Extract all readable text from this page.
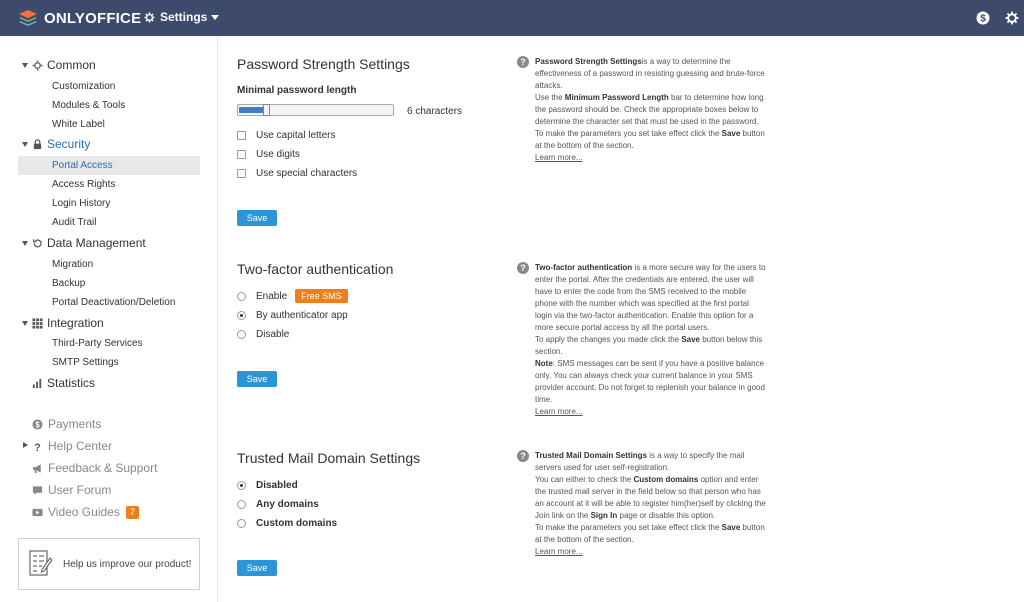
ONLYOFFICE Settings	$
Common
Customization
Modules & Tools
White Label
Security
Portal Access
Access Rights
Login History
Audit Trail
Data Management
Migration
Backup
Portal Deactivation/Deletion
Integration
Third-Party Services
SMTP Settings
Statistics
$ Payments
? Help Center
Feedback & Support
User Forum
Video Guides	7
Help us improve our product!
Password Strength Settings
Minimal password length
6 characters
Use capital letters
Use digits
Use special characters
Save
?	Password Strength Settingsis a way to determine the effectiveness of a password in resisting guessing and brute-force attacks.
Use the Minimum Password Length bar to determine how long the password should be. Check the appropriate boxes below to determine the character set that must be used in the password.
To make the parameters you set take effect click the Save button at the bottom of the section.
Learn more...
Two-factor authentication
Enable	Free SMS
By authenticator app
Disable
Save
?	Two-factor authentication is a more secure way for the users to enter the portal. After the credentials are entered, the user will have to enter the code from the SMS received to the mobile phone with the number which was specified at the first portal login via the two-factor authentication. Enable this option for a more secure portal access by all the portal users.
To apply the changes you made click the Save button below this section.
Note: SMS messages can be sent if you have a positive balance only. You can always check your current balance in your SMS provider account. Do not forget to replenish your balance in good time.
Learn more...
Trusted Mail Domain Settings
Disabled
Any domains
Custom domains
Save
?	Trusted Mail Domain Settings is a way to specify the mail servers used for user self-registration.
You can either to check the Custom domains option and enter the trusted mail server in the field below so that person who has an account at it will be able to register him(her)self by clicking the Join link on the Sign In page or disable this option.
To make the parameters you set take effect click the Save button at the bottom of the section.
Learn more...
